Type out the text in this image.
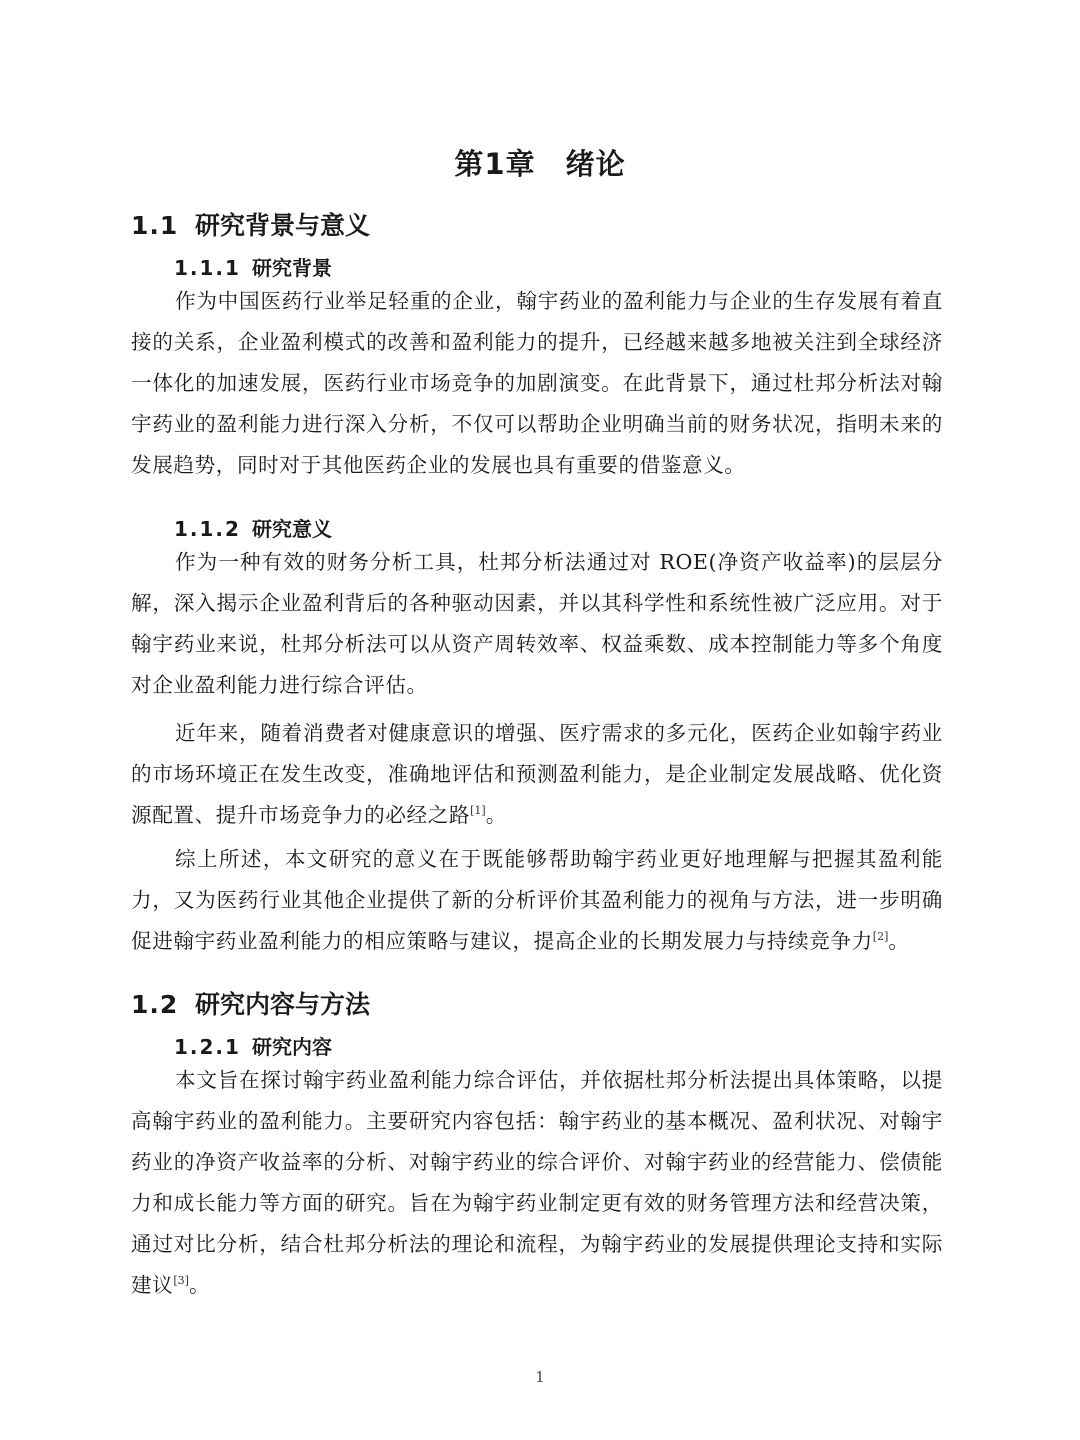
第1章 绪论
1.1 研究背景与意义
1.1.1 研究背景

作为中国医药行业举足轻重的企业，翰宇药业的盈利能力与企业的生存发展有着直接的关系，企业盈利模式的改善和盈利能力的提升，已经越来越多地被关注到全球经济一体化的加速发展，医药行业市场竞争的加剧演变。在此背景下，通过杜邦分析法对翰宇药业的盈利能力进行深入分析，不仅可以帮助企业明确当前的财务状况，指明未来的发展趋势，同时对于其他医药企业的发展也具有重要的借鉴意义。

1.1.2 研究意义

作为一种有效的财务分析工具，杜邦分析法通过对 ROE(净资产收益率)的层层分解，深入揭示企业盈利背后的各种驱动因素，并以其科学性和系统性被广泛应用。对于翰宇药业来说，杜邦分析法可以从资产周转效率、权益乘数、成本控制能力等多个角度对企业盈利能力进行综合评估。

近年来，随着消费者对健康意识的增强、医疗需求的多元化，医药企业如翰宇药业的市场环境正在发生改变，准确地评估和预测盈利能力，是企业制定发展战略、优化资源配置、提升市场竞争力的必经之路[1]。

综上所述，本文研究的意义在于既能够帮助翰宇药业更好地理解与把握其盈利能力，又为医药行业其他企业提供了新的分析评价其盈利能力的视角与方法，进一步明确促进翰宇药业盈利能力的相应策略与建议，提高企业的长期发展力与持续竞争力[2]。

1.2 研究内容与方法
1.2.1 研究内容

本文旨在探讨翰宇药业盈利能力综合评估，并依据杜邦分析法提出具体策略，以提高翰宇药业的盈利能力。主要研究内容包括：翰宇药业的基本概况、盈利状况、对翰宇药业的净资产收益率的分析、对翰宇药业的综合评价、对翰宇药业的经营能力、偿债能力和成长能力等方面的研究。旨在为翰宇药业制定更有效的财务管理方法和经营决策，通过对比分析，结合杜邦分析法的理论和流程，为翰宇药业的发展提供理论支持和实际建议[3]。

1
